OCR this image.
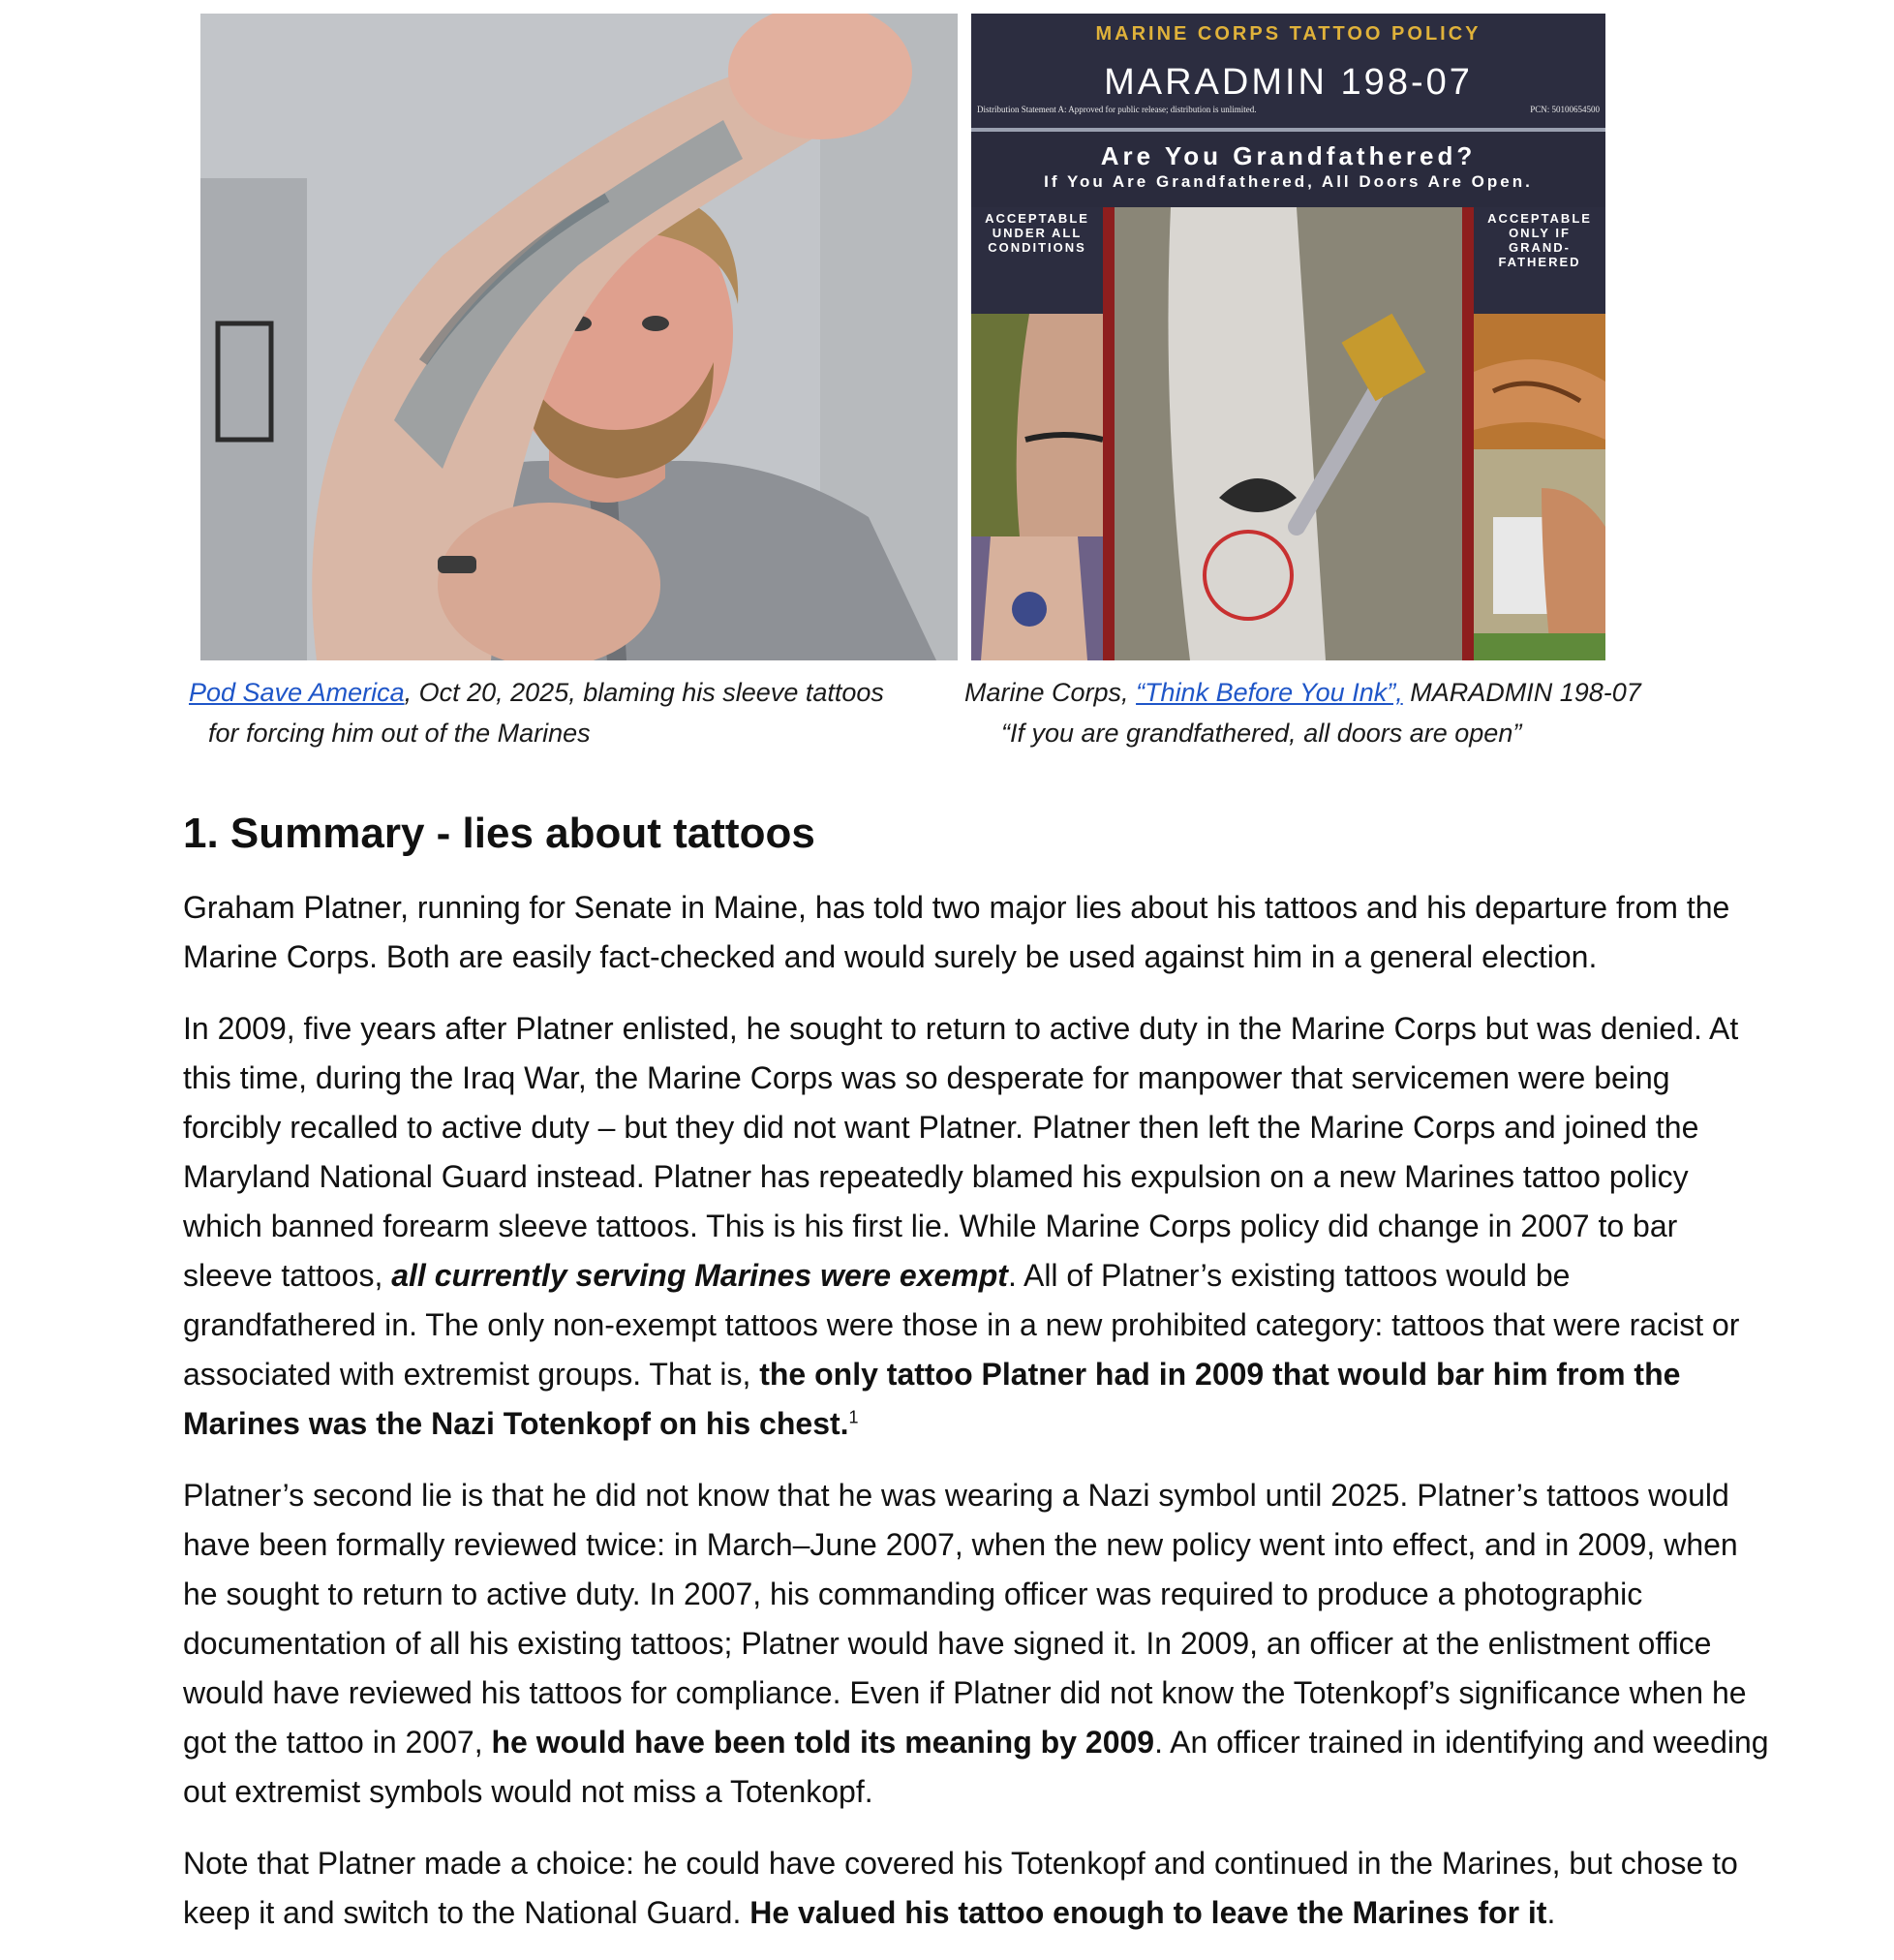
MARINE CORPS TATTOO POLICY
MARADMIN 198-07
Distribution Statement A: Approved for public release; distribution is unlimited.	PCN: 50100654500
Are You Grandfathered?
If You Are Grandfathered, All Doors Are Open.
ACCEPTABLE UNDER ALL CONDITIONS
ACCEPTABLE ONLY IF GRAND- FATHERED
Pod Save America, Oct 20, 2025, blaming his sleeve tattoos
for forcing him out of the Marines
Marine Corps, “Think Before You Ink”, MARADMIN 198-07
“If you are grandfathered, all doors are open”
1. Summary - lies about tattoos

Graham Platner, running for Senate in Maine, has told two major lies about his tattoos and his departure from the Marine Corps. Both are easily fact-checked and would surely be used against him in a general election.

In 2009, five years after Platner enlisted, he sought to return to active duty in the Marine Corps but was denied. At this time, during the Iraq War, the Marine Corps was so desperate for manpower that servicemen were being forcibly recalled to active duty – but they did not want Platner. Platner then left the Marine Corps and joined the Maryland National Guard instead. Platner has repeatedly blamed his expulsion on a new Marines tattoo policy which banned forearm sleeve tattoos. This is his first lie. While Marine Corps policy did change in 2007 to bar sleeve tattoos, all currently serving Marines were exempt. All of Platner’s existing tattoos would be grandfathered in. The only non-exempt tattoos were those in a new prohibited category: tattoos that were racist or associated with extremist groups. That is, the only tattoo Platner had in 2009 that would bar him from the Marines was the Nazi Totenkopf on his chest.$^1$

Platner’s second lie is that he did not know that he was wearing a Nazi symbol until 2025. Platner’s tattoos would have been formally reviewed twice: in March–June 2007, when the new policy went into effect, and in 2009, when he sought to return to active duty. In 2007, his commanding officer was required to produce a photographic documentation of all his existing tattoos; Platner would have signed it. In 2009, an officer at the enlistment office would have reviewed his tattoos for compliance. Even if Platner did not know the Totenkopf’s significance when he got the tattoo in 2007, he would have been told its meaning by 2009. An officer trained in identifying and weeding out extremist symbols would not miss a Totenkopf.

Note that Platner made a choice: he could have covered his Totenkopf and continued in the Marines, but chose to keep it and switch to the National Guard. He valued his tattoo enough to leave the Marines for it.
